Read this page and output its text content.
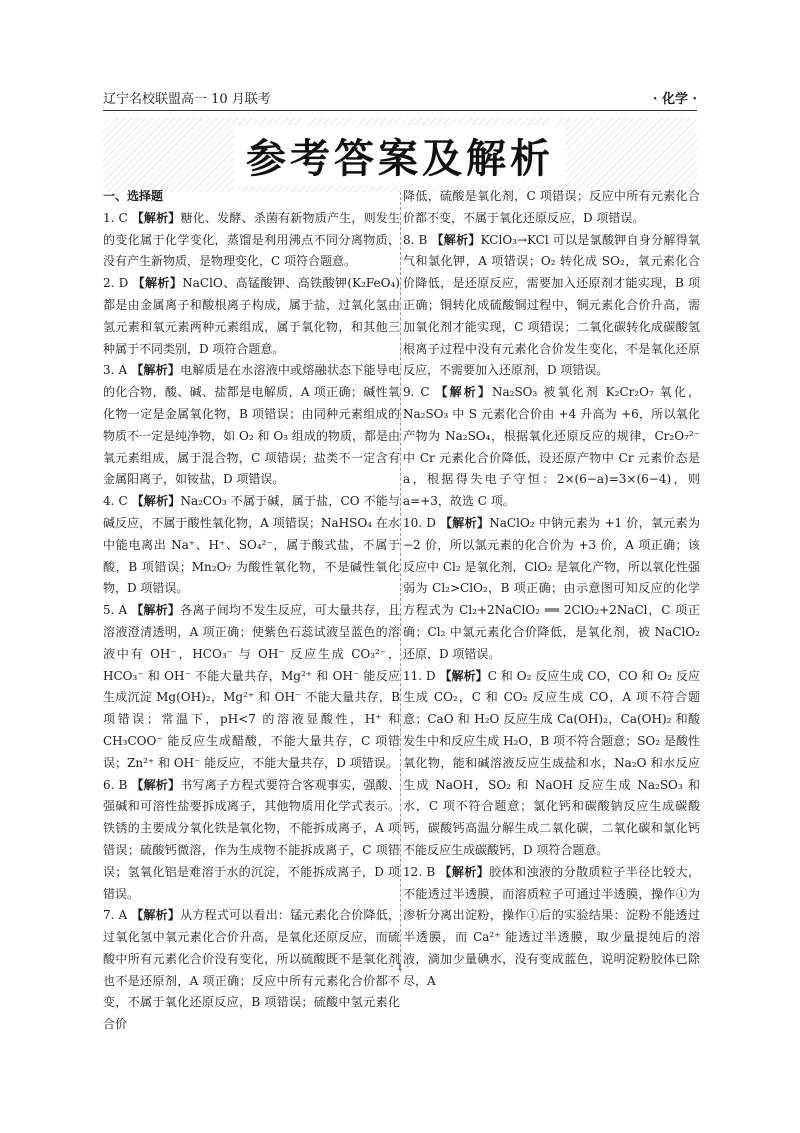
辽宁名校联盟高一 10 月联考	· 化学 ·
参考答案及解析

一、选择题

1. C 【解析】糖化、发酵、杀菌有新物质产生，则发生的变化属于化学变化，蒸馏是利用沸点不同分离物质，没有产生新物质，是物理变化，C 项符合题意。

2. D 【解析】NaClO、高锰酸钾、高铁酸钾(K₂FeO₄)都是由金属离子和酸根离子构成，属于盐，过氧化氢由氢元素和氧元素两种元素组成，属于氧化物，和其他三种属于不同类别，D 项符合题意。

3. A 【解析】电解质是在水溶液中或熔融状态下能导电的化合物，酸、碱、盐都是电解质，A 项正确；碱性氧化物一定是金属氧化物，B 项错误；由同种元素组成的物质不一定是纯净物，如 O₂ 和 O₃ 组成的物质，都是由氧元素组成，属于混合物，C 项错误；盐类不一定含有金属阳离子，如铵盐，D 项错误。

4. C 【解析】Na₂CO₃ 不属于碱，属于盐，CO 不能与碱反应，不属于酸性氧化物，A 项错误；NaHSO₄ 在水中能电离出 Na⁺、H⁺、SO₄²⁻，属于酸式盐，不属于酸，B 项错误；Mn₂O₇ 为酸性氧化物，不是碱性氧化物，D 项错误。

5. A 【解析】各离子间均不发生反应，可大量共存，且溶液澄清透明，A 项正确；使紫色石蕊试液呈蓝色的溶液中有 OH⁻，HCO₃⁻ 与 OH⁻ 反应生成 CO₃²⁻，HCO₃⁻ 和 OH⁻ 不能大量共存，Mg²⁺ 和 OH⁻ 能反应生成沉淀 Mg(OH)₂，Mg²⁺ 和 OH⁻ 不能大量共存，B 项错误；常温下，pH<7 的溶液显酸性，H⁺ 和 CH₃COO⁻ 能反应生成醋酸，不能大量共存，C 项错误；Zn²⁺ 和 OH⁻ 能反应，不能大量共存，D 项错误。

6. B 【解析】书写离子方程式要符合客观事实，强酸、强碱和可溶性盐要拆成离子，其他物质用化学式表示。铁锈的主要成分氧化铁是氧化物，不能拆成离子，A 项错误；硫酸钙微溶，作为生成物不能拆成离子，C 项错误；氢氧化铝是难溶于水的沉淀，不能拆成离子，D 项错误。

7. A 【解析】从方程式可以看出：锰元素化合价降低，过氧化氢中氧元素化合价升高，是氧化还原反应，而硫酸中所有元素化合价没有变化，所以硫酸既不是氧化剂也不是还原剂，A 项正确；反应中所有元素化合价都不变，不属于氧化还原反应，B 项错误；硫酸中氢元素化合价

降低，硫酸是氧化剂，C 项错误；反应中所有元素化合价都不变，不属于氧化还原反应，D 项错误。

8. B 【解析】KClO₃→KCl 可以是氯酸钾自身分解得氧气和氯化钾，A 项错误；O₂ 转化成 SO₂，氧元素化合价降低，是还原反应，需要加入还原剂才能实现，B 项正确；铜转化成硫酸铜过程中，铜元素化合价升高，需加氧化剂才能实现，C 项错误；二氧化碳转化成碳酸氢根离子过程中没有元素化合价发生变化，不是氧化还原反应，不需要加入还原剂，D 项错误。

9. C 【解析】Na₂SO₃ 被氧化剂 K₂Cr₂O₇ 氧化，Na₂SO₃ 中 S 元素化合价由 +4 升高为 +6，所以氧化产物为 Na₂SO₄，根据氧化还原反应的规律，Cr₂O₇²⁻ 中 Cr 元素化合价降低，设还原产物中 Cr 元素价态是 a，根据得失电子守恒：2×(6−a)=3×(6−4)，则 a=+3，故选 C 项。

10. D 【解析】NaClO₂ 中钠元素为 +1 价，氧元素为 −2 价，所以氯元素的化合价为 +3 价，A 项正确；该反应中 Cl₂ 是氧化剂，ClO₂ 是氧化产物，所以氧化性强弱为 Cl₂>ClO₂，B 项正确；由示意图可知反应的化学方程式为 Cl₂+2NaClO₂ ══ 2ClO₂+2NaCl，C 项正确；Cl₂ 中氯元素化合价降低，是氧化剂，被 NaClO₂ 还原，D 项错误。

11. D 【解析】C 和 O₂ 反应生成 CO，CO 和 O₂ 反应生成 CO₂，C 和 CO₂ 反应生成 CO，A 项不符合题意；CaO 和 H₂O 反应生成 Ca(OH)₂，Ca(OH)₂ 和酸发生中和反应生成 H₂O，B 项不符合题意；SO₂ 是酸性氧化物，能和碱溶液反应生成盐和水，Na₂O 和水反应生成 NaOH，SO₂ 和 NaOH 反应生成 Na₂SO₃ 和水，C 项不符合题意；氯化钙和碳酸钠反应生成碳酸钙，碳酸钙高温分解生成二氧化碳，二氧化碳和氯化钙不能反应生成碳酸钙，D 项符合题意。

12. B 【解析】胶体和浊液的分散质粒子半径比较大，不能透过半透膜，而溶质粒子可通过半透膜，操作①为渗析分离出淀粉，操作①后的实验结果：淀粉不能透过半透膜，而 Ca²⁺ 能透过半透膜，取少量提纯后的溶液，滴加少量碘水，没有变成蓝色，说明淀粉胶体已除尽，A

· 1 ·
